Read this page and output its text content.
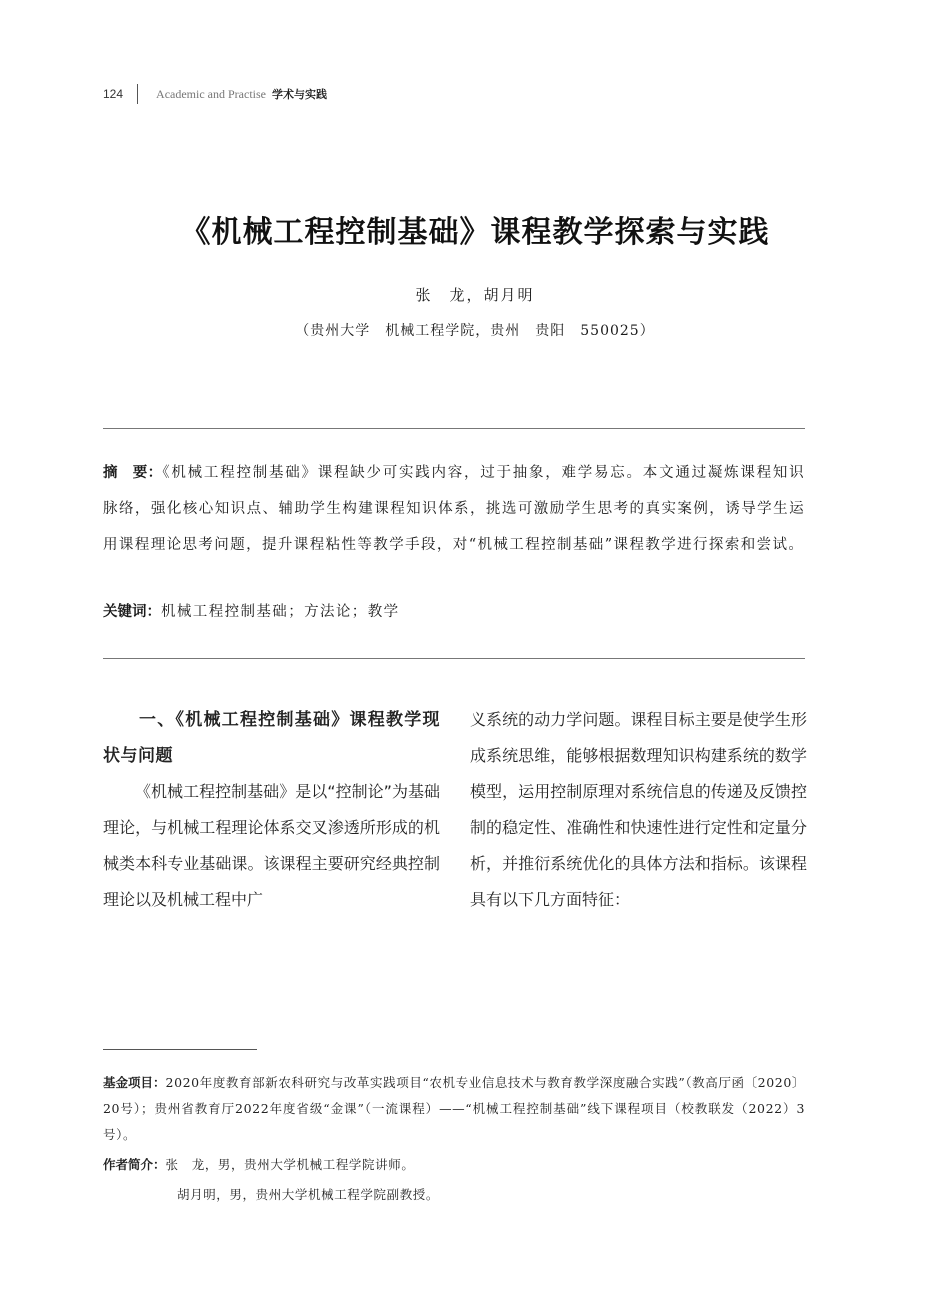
124	Academic and Practise 学术与实践
《机械工程控制基础》课程教学探索与实践
张　龙，胡月明
（贵州大学　机械工程学院，贵州　贵阳　550025）

摘　要：《机械工程控制基础》课程缺少可实践内容，过于抽象，难学易忘。本文通过凝炼课程知识脉络，强化核心知识点、辅助学生构建课程知识体系，挑选可激励学生思考的真实案例，诱导学生运用课程理论思考问题，提升课程粘性等教学手段，对“机械工程控制基础”课程教学进行探索和尝试。

关键词：机械工程控制基础；方法论；教学

一、《机械工程控制基础》课程教学现状与问题

《机械工程控制基础》是以“控制论”为基础理论，与机械工程理论体系交叉渗透所形成的机械类本科专业基础课。该课程主要研究经典控制理论以及机械工程中广

义系统的动力学问题。课程目标主要是使学生形成系统思维，能够根据数理知识构建系统的数学模型，运用控制原理对系统信息的传递及反馈控制的稳定性、准确性和快速性进行定性和定量分析，并推衍系统优化的具体方法和指标。该课程具有以下几方面特征：

基金项目：2020年度教育部新农科研究与改革实践项目“农机专业信息技术与教育教学深度融合实践”（教高厅函〔2020〕20号）；贵州省教育厅2022年度省级“金课”（一流课程）——“机械工程控制基础”线下课程项目（校教联发（2022）3号）。

作者简介：张　龙，男，贵州大学机械工程学院讲师。

胡月明，男，贵州大学机械工程学院副教授。
